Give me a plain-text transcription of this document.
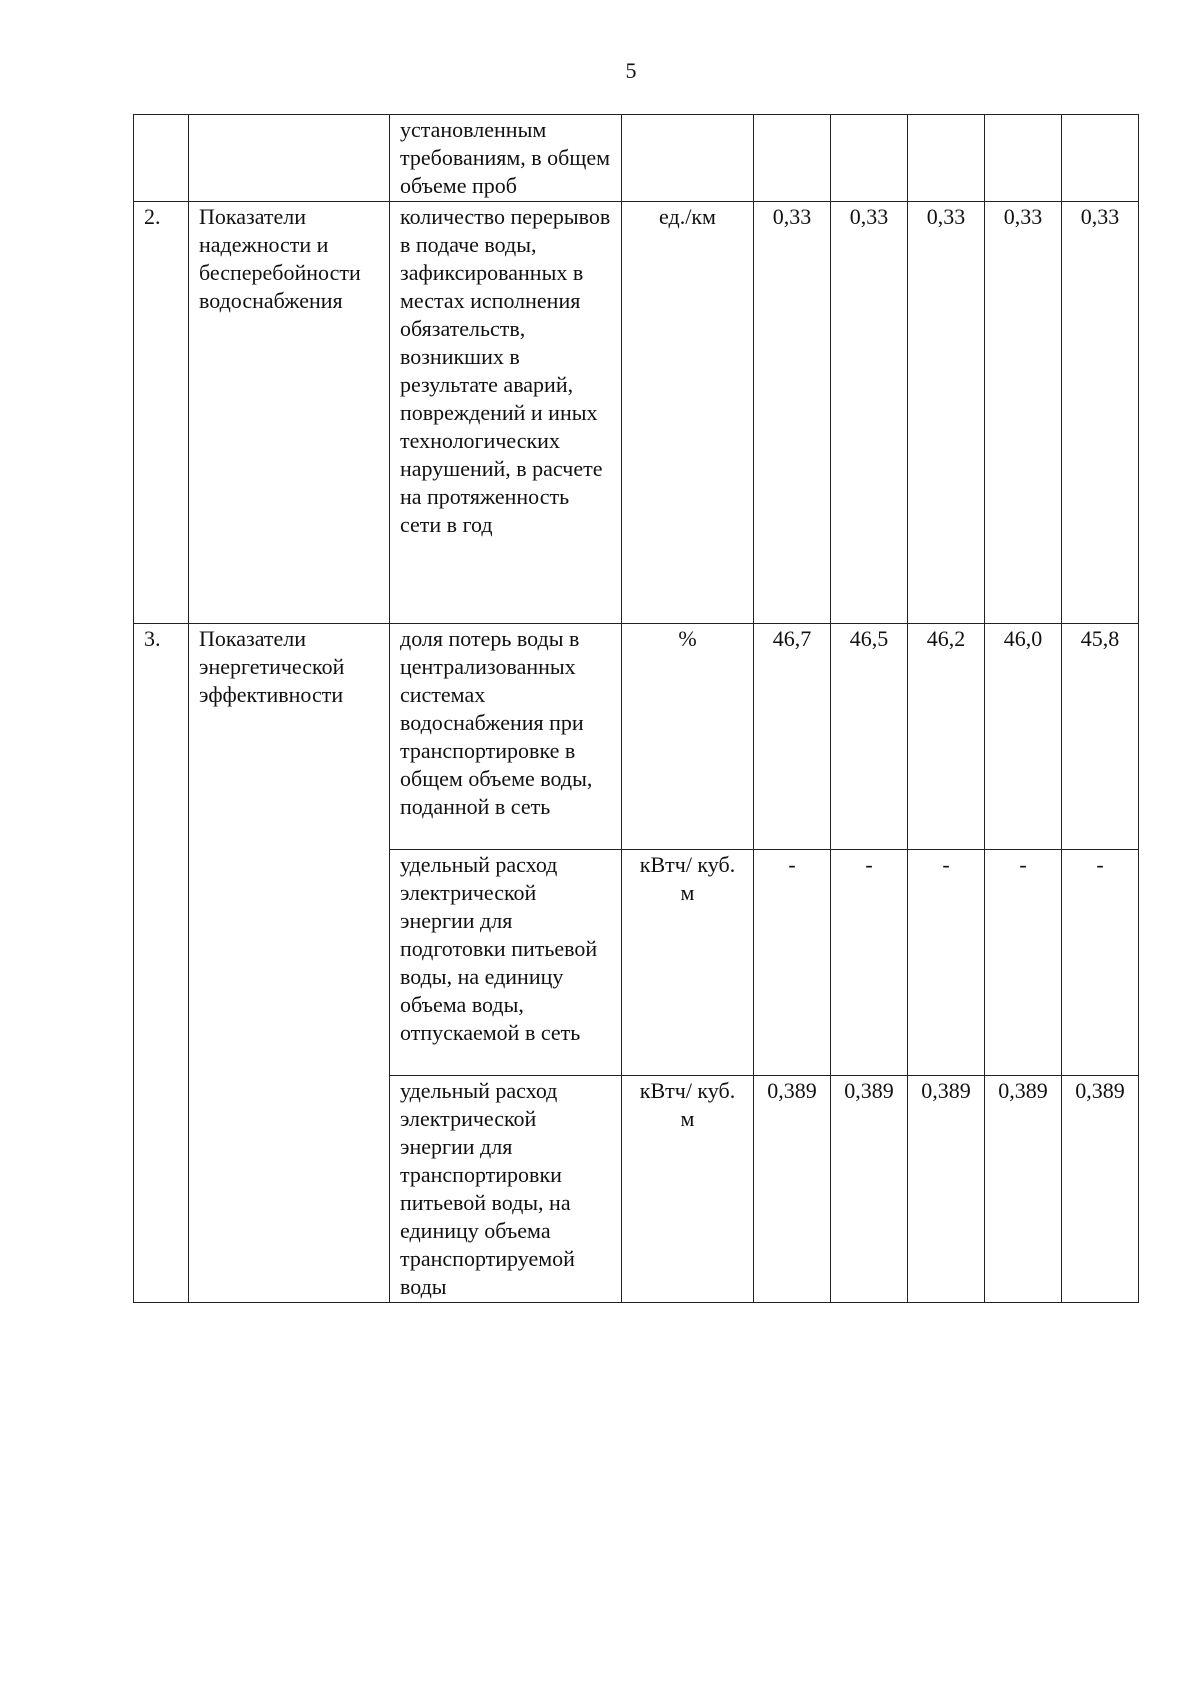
5
		установленным требованиям, в общем объеме проб						
2.	Показатели надежности и бесперебойности водоснабжения	количество перерывов в подаче воды, зафиксированных в местах исполнения обязательств, возникших в результате аварий, повреждений и иных технологических нарушений, в расчете на протяженность сети в год	ед./км	0,33	0,33	0,33	0,33	0,33
3.	Показатели энергетической эффективности	доля потерь воды в централизованных системах водоснабжения при транспортировке в общем объеме воды, поданной в сеть	%	46,7	46,5	46,2	46,0	45,8
		удельный расход электрической энергии для подготовки питьевой воды, на единицу объема воды, отпускаемой в сеть	кВтч/ куб. м	-	-	-	-	-
		удельный расход электрической энергии для транспортировки питьевой воды, на единицу объема транспортируемой воды	кВтч/ куб. м	0,389	0,389	0,389	0,389	0,389
